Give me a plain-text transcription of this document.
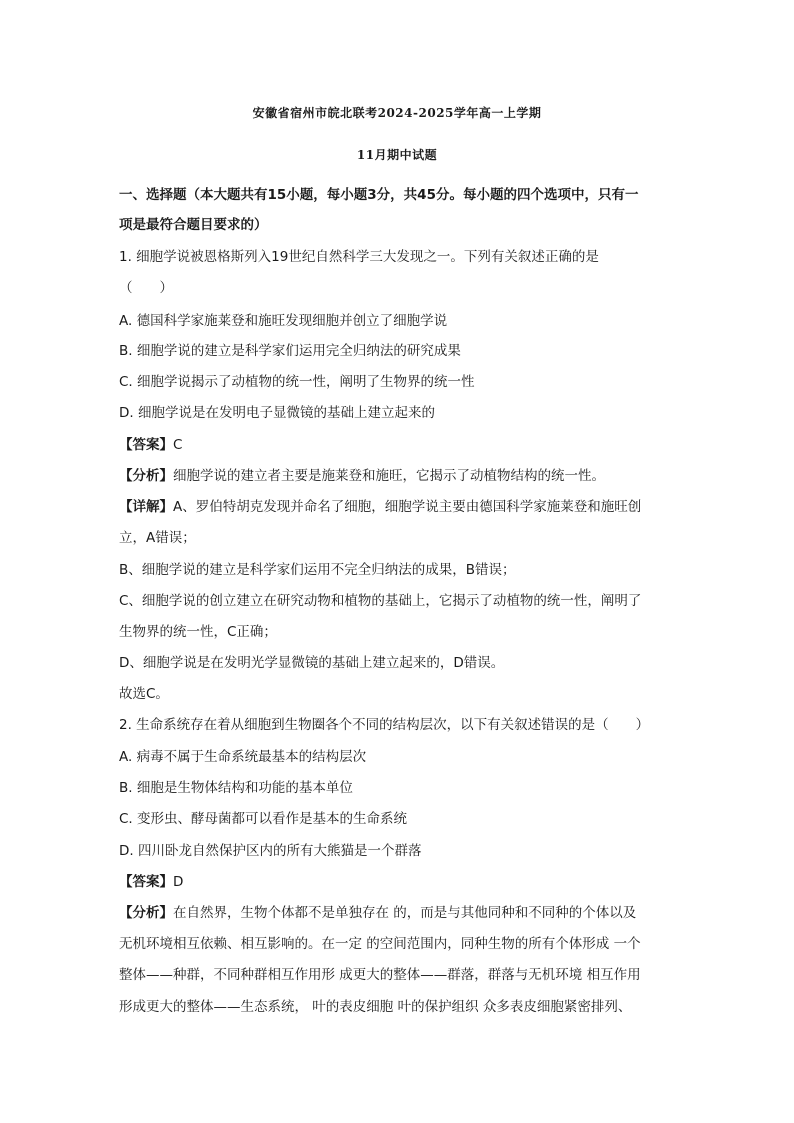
安徽省宿州市皖北联考2024-2025学年高一上学期
11月期中试题
一、选择题（本大题共有15小题，每小题3分，共45分。每小题的四个选项中，只有一
项是最符合题目要求的）
1. 细胞学说被恩格斯列入19世纪自然科学三大发现之一。下列有关叙述正确的是
（　　）
A. 德国科学家施莱登和施旺发现细胞并创立了细胞学说
B. 细胞学说的建立是科学家们运用完全归纳法的研究成果
C. 细胞学说揭示了动植物的统一性，阐明了生物界的统一性
D. 细胞学说是在发明电子显微镜的基础上建立起来的
【答案】C
【分析】细胞学说的建立者主要是施莱登和施旺，它揭示了动植物结构的统一性。
【详解】A、罗伯特胡克发现并命名了细胞，细胞学说主要由德国科学家施莱登和施旺创
立，A错误；
B、细胞学说的建立是科学家们运用不完全归纳法的成果，B错误；
C、细胞学说的创立建立在研究动物和植物的基础上，它揭示了动植物的统一性，阐明了
生物界的统一性，C正确；
D、细胞学说是在发明光学显微镜的基础上建立起来的，D错误。
故选C。
2. 生命系统存在着从细胞到生物圈各个不同的结构层次，以下有关叙述错误的是（　　）
A. 病毒不属于生命系统最基本的结构层次
B. 细胞是生物体结构和功能的基本单位
C. 变形虫、酵母菌都可以看作是基本的生命系统
D. 四川卧龙自然保护区内的所有大熊猫是一个群落
【答案】D
【分析】在自然界，生物个体都不是单独存在 的，而是与其他同种和不同种的个体以及
无机环境相互依赖、相互影响的。在一定 的空间范围内，同种生物的所有个体形成 一个
整体——种群，不同种群相互作用形 成更大的整体——群落，群落与无机环境 相互作用
形成更大的整体——生态系统， 叶的表皮细胞 叶的保护组织 众多表皮细胞紧密排列、
